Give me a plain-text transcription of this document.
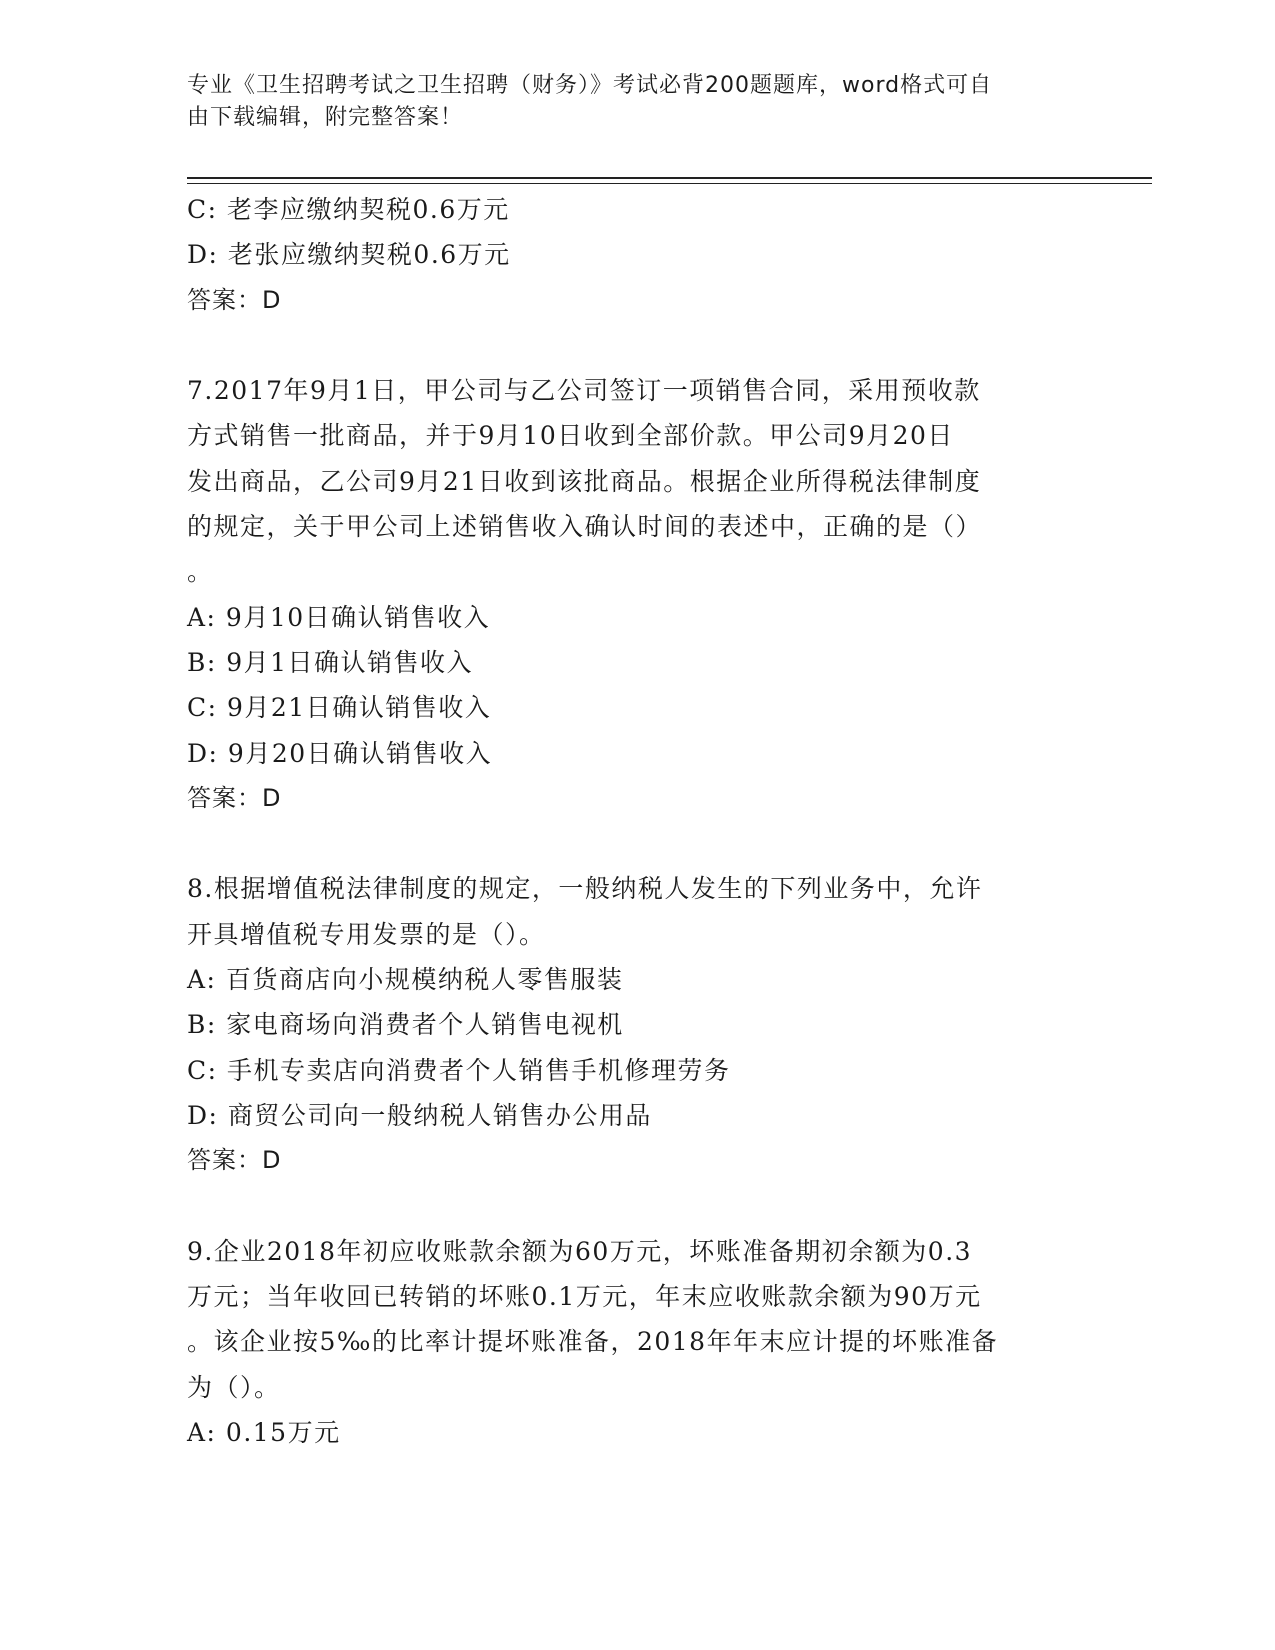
专业《卫生招聘考试之卫生招聘（财务）》考试必背200题题库，word格式可自
由下载编辑，附完整答案！
C: 老李应缴纳契税0.6万元
D: 老张应缴纳契税0.6万元
答案：D
7.2017年9月1日，甲公司与乙公司签订一项销售合同，采用预收款
方式销售一批商品，并于9月10日收到全部价款。甲公司9月20日
发出商品，乙公司9月21日收到该批商品。根据企业所得税法律制度
的规定，关于甲公司上述销售收入确认时间的表述中，正确的是（）
。
A: 9月10日确认销售收入
B: 9月1日确认销售收入
C: 9月21日确认销售收入
D: 9月20日确认销售收入
答案：D
8.根据增值税法律制度的规定，一般纳税人发生的下列业务中，允许
开具增值税专用发票的是（）。
A: 百货商店向小规模纳税人零售服装
B: 家电商场向消费者个人销售电视机
C: 手机专卖店向消费者个人销售手机修理劳务
D: 商贸公司向一般纳税人销售办公用品
答案：D
9.企业2018年初应收账款余额为60万元，坏账准备期初余额为0.3
万元；当年收回已转销的坏账0.1万元，年末应收账款余额为90万元
。该企业按5‰的比率计提坏账准备，2018年年末应计提的坏账准备
为（）。
A: 0.15万元
